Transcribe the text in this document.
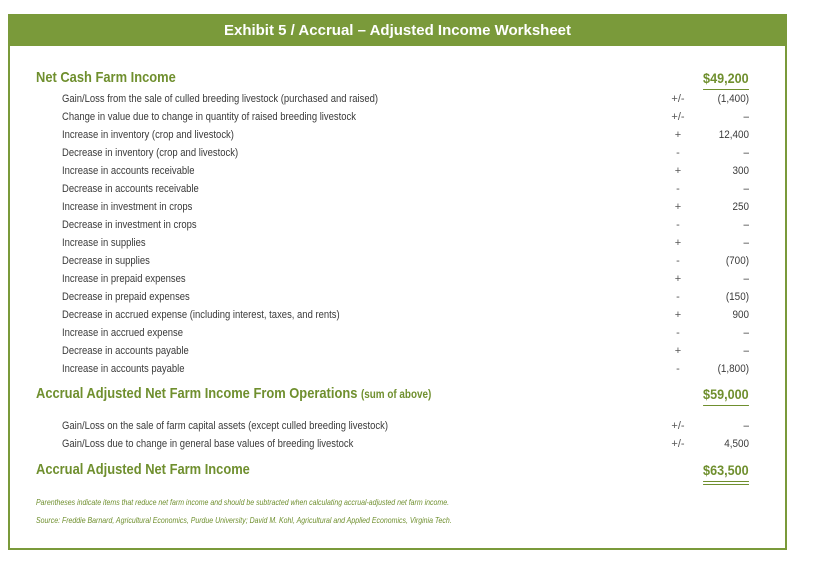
Exhibit 5 / Accrual – Adjusted Income Worksheet
Net Cash Farm Income	$49,200
Gain/Loss from the sale of culled breeding livestock (purchased and raised)	+/-	(1,400)
Change in value due to change in quantity of raised breeding livestock	+/-	–
Increase in inventory (crop and livestock)	+	12,400
Decrease in inventory (crop and livestock)	-	–
Increase in accounts receivable	+	300
Decrease in accounts receivable	-	–
Increase in investment in crops	+	250
Decrease in investment in crops	-	–
Increase in supplies	+	–
Decrease in supplies	-	(700)
Increase in prepaid expenses	+	–
Decrease in prepaid expenses	-	(150)
Decrease in accrued expense (including interest, taxes, and rents)	+	900
Increase in accrued expense	-	–
Decrease in accounts payable	+	–
Increase in accounts payable	-	(1,800)
Accrual Adjusted Net Farm Income From Operations (sum of above)	$59,000
Gain/Loss on the sale of farm capital assets (except culled breeding livestock)	+/-	–
Gain/Loss due to change in general base values of breeding livestock	+/-	4,500
Accrual Adjusted Net Farm Income	$63,500
Parentheses indicate items that reduce net farm income and should be subtracted when calculating accrual-adjusted net farm income.
Source: Freddie Barnard, Agricultural Economics, Purdue University; David M. Kohl, Agricultural and Applied Economics, Virginia Tech.
